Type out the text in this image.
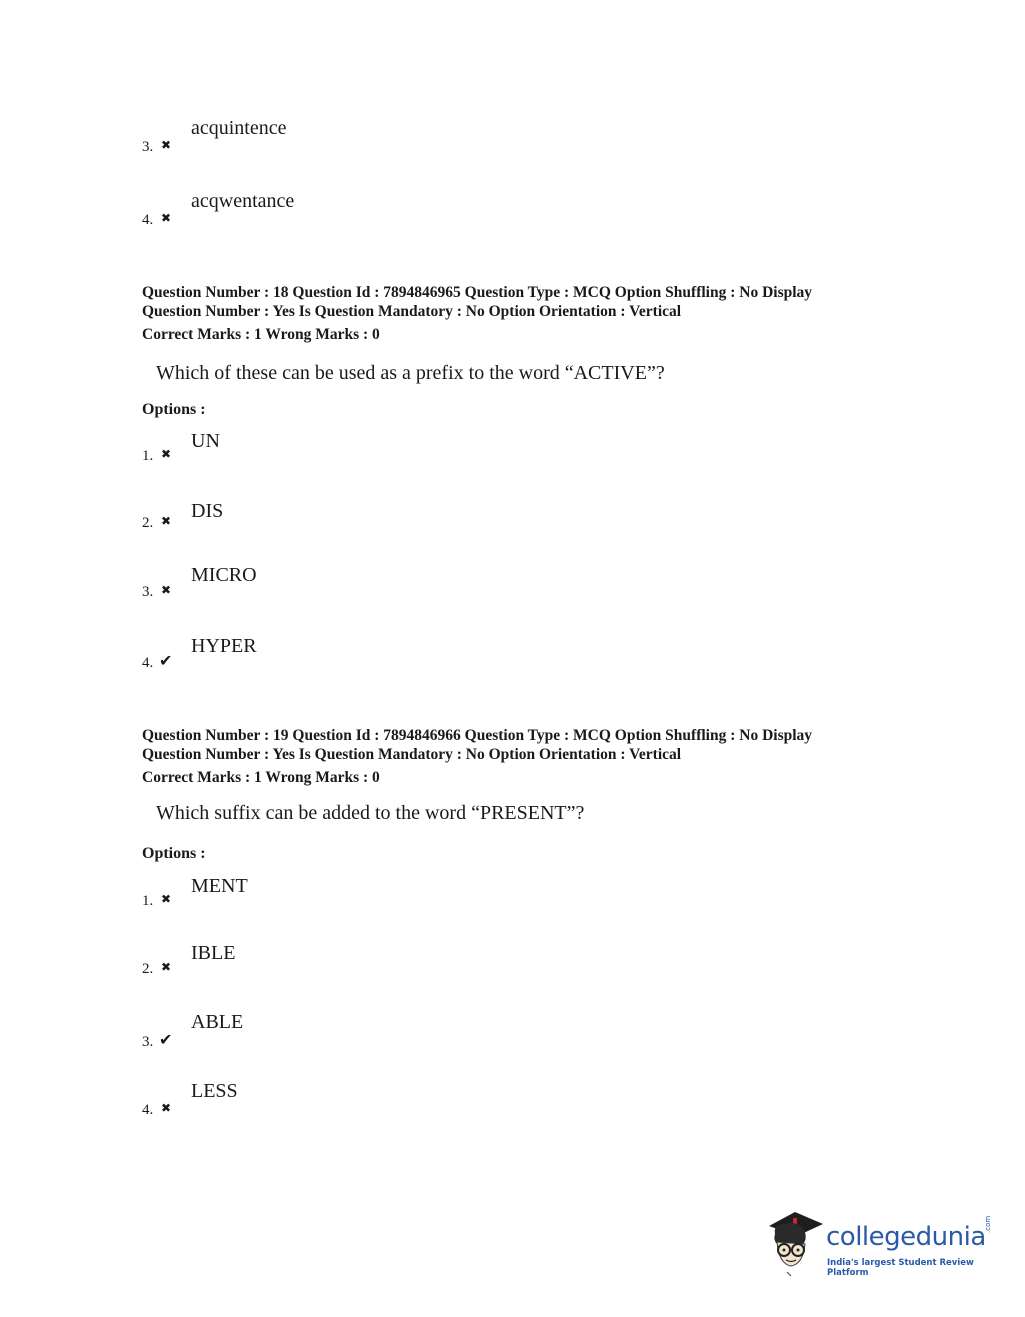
acquintence
3. ✖
acqwentance
4. ✖
Question Number : 18 Question Id : 7894846965 Question Type : MCQ Option Shuffling : No Display
Question Number : Yes Is Question Mandatory : No Option Orientation : Vertical
Correct Marks : 1 Wrong Marks : 0
Which of these can be used as a prefix to the word “ACTIVE”?
Options :
UN
1. ✖
DIS
2. ✖
MICRO
3. ✖
HYPER
4. ✔
Question Number : 19 Question Id : 7894846966 Question Type : MCQ Option Shuffling : No Display
Question Number : Yes Is Question Mandatory : No Option Orientation : Vertical
Correct Marks : 1 Wrong Marks : 0
Which suffix can be added to the word “PRESENT”?
Options :
MENT
1. ✖
IBLE
2. ✖
ABLE
3. ✔
LESS
4. ✖
collegedunia
.com
India's largest Student Review Platform
